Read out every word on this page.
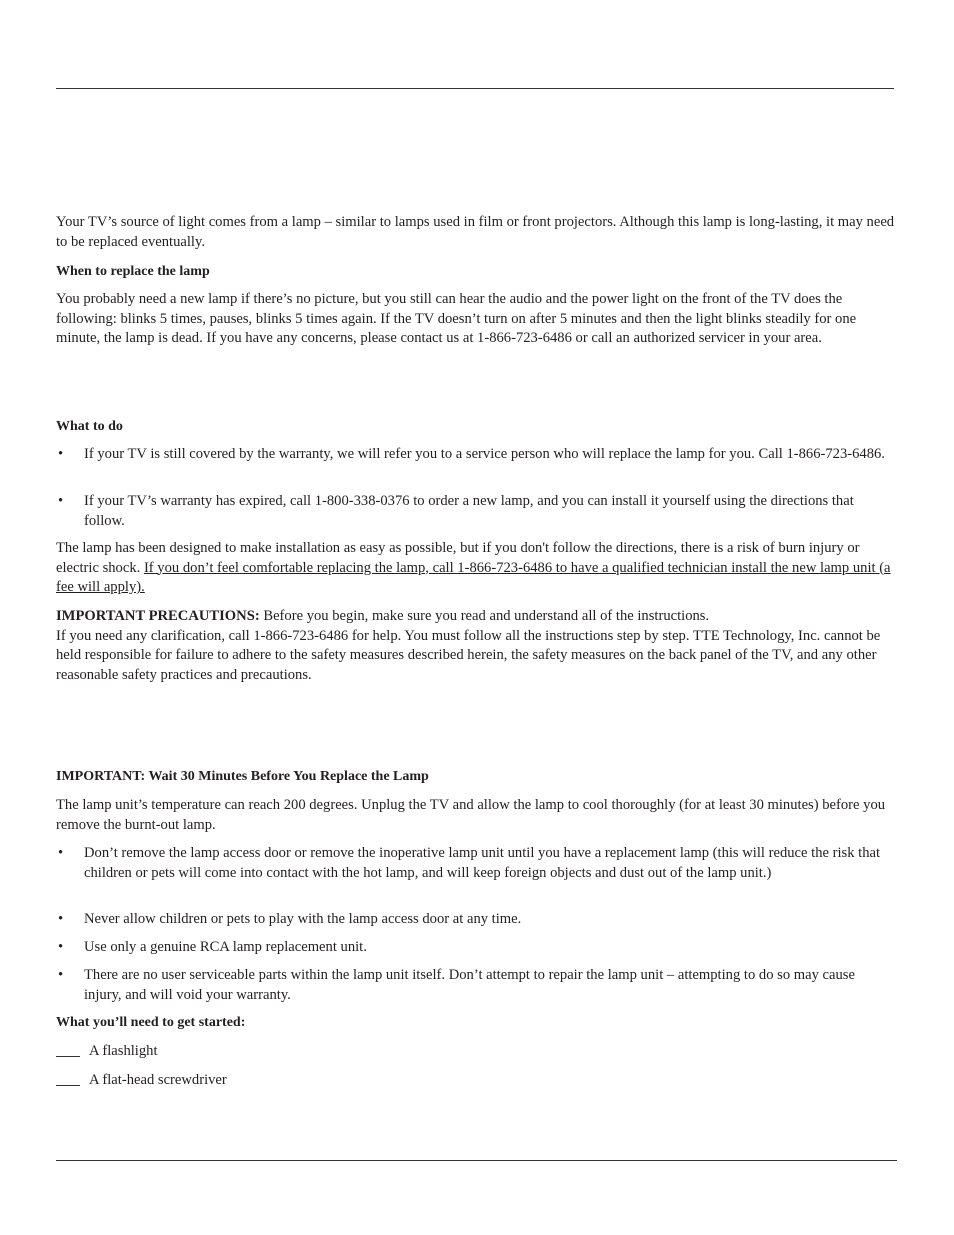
Your TV’s source of light comes from a lamp – similar to lamps used in film or front projectors. Although this lamp is long-lasting, it may need to be replaced eventually.

When to replace the lamp

You probably need a new lamp if there’s no picture, but you still can hear the audio and the power light on the front of the TV does the following: blinks 5 times, pauses, blinks 5 times again. If the TV doesn’t turn on after 5 minutes and then the light blinks steadily for one minute, the lamp is dead. If you have any concerns, please contact us at 1-866-723-6486 or call an authorized servicer in your area.

What to do

• If your TV is still covered by the warranty, we will refer you to a service person who will replace the lamp for you. Call 1-866-723-6486.
• If your TV’s warranty has expired, call 1-800-338-0376 to order a new lamp, and you can install it yourself using the directions that follow.

The lamp has been designed to make installation as easy as possible, but if you don't follow the directions, there is a risk of burn injury or electric shock. If you don’t feel comfortable replacing the lamp, call 1-866-723-6486 to have a qualified technician install the new lamp unit (a fee will apply).

IMPORTANT PRECAUTIONS: Before you begin, make sure you read and understand all of the instructions.
If you need any clarification, call 1-866-723-6486 for help. You must follow all the instructions step by step. TTE Technology, Inc. cannot be held responsible for failure to adhere to the safety measures described herein, the safety measures on the back panel of the TV, and any other reasonable safety practices and precautions.

IMPORTANT: Wait 30 Minutes Before You Replace the Lamp

The lamp unit’s temperature can reach 200 degrees. Unplug the TV and allow the lamp to cool thoroughly (for at least 30 minutes) before you remove the burnt-out lamp.

• Don’t remove the lamp access door or remove the inoperative lamp unit until you have a replacement lamp (this will reduce the risk that children or pets will come into contact with the hot lamp, and will keep foreign objects and dust out of the lamp unit.)
• Never allow children or pets to play with the lamp access door at any time.
• Use only a genuine RCA lamp replacement unit.
• There are no user serviceable parts within the lamp unit itself. Don’t attempt to repair the lamp unit – attempting to do so may cause injury, and will void your warranty.

What you’ll need to get started:

A flashlight
A flat-head screwdriver
